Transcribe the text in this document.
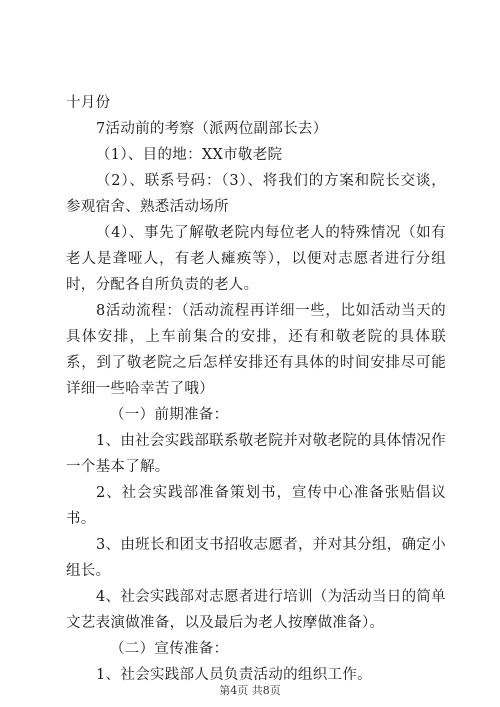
十月份

7活动前的考察（派两位副部长去）

（1）、目的地：XX市敬老院

（2）、联系号码：（3）、将我们的方案和院长交谈，参观宿舍、熟悉活动场所

（4）、事先了解敬老院内每位老人的特殊情况（如有老人是聋哑人，有老人瘫痪等），以便对志愿者进行分组时，分配各自所负责的老人。

8活动流程：（活动流程再详细一些，比如活动当天的具体安排，上车前集合的安排，还有和敬老院的具体联系，到了敬老院之后怎样安排还有具体的时间安排尽可能详细一些哈幸苦了哦）

（一）前期准备：

1、由社会实践部联系敬老院并对敬老院的具体情况作一个基本了解。

2、社会实践部准备策划书，宣传中心准备张贴倡议书。

3、由班长和团支书招收志愿者，并对其分组，确定小组长。

4、社会实践部对志愿者进行培训（为活动当日的简单文艺表演做准备，以及最后为老人按摩做准备）。

（二）宣传准备：

1、社会实践部人员负责活动的组织工作。

第4页 共8页
